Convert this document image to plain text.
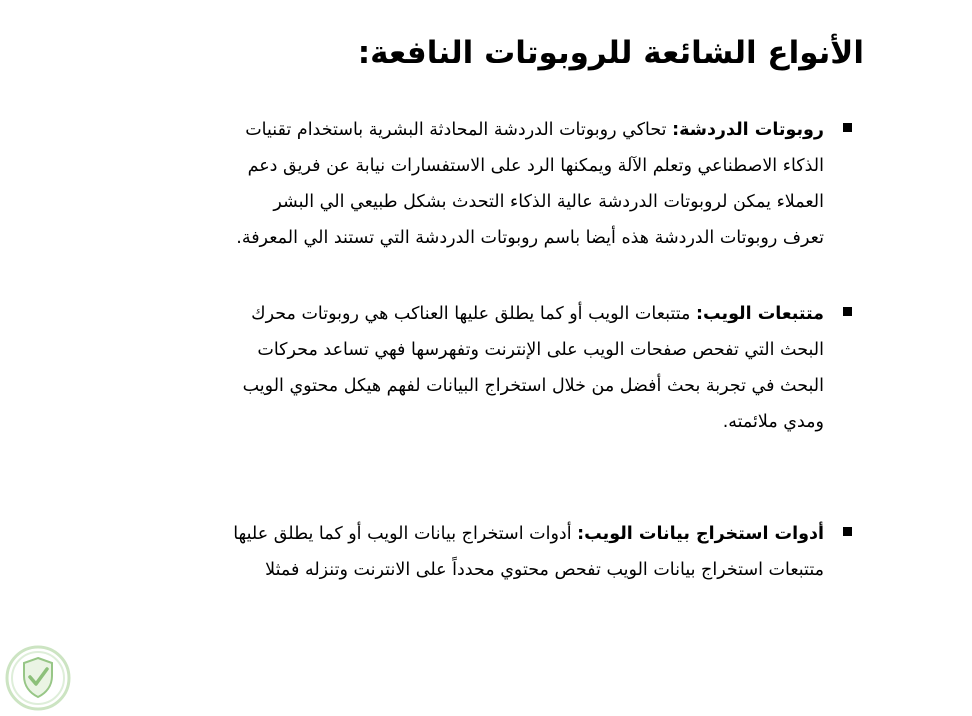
الأنواع الشائعة للروبوتات النافعة:
روبوتات الدردشة: تحاكي روبوتات الدردشة المحادثة البشرية باستخدام تقنيات
الذكاء الاصطناعي وتعلم الآلة ويمكنها الرد على الاستفسارات نيابة عن فريق دعم
العملاء يمكن لروبوتات الدردشة عالية الذكاء التحدث بشكل طبيعي الي البشر
تعرف روبوتات الدردشة هذه أيضا باسم روبوتات الدردشة التي تستند الي المعرفة.
متتبعات الويب: متتبعات الويب أو كما يطلق عليها العناكب هي روبوتات محرك
البحث التي تفحص صفحات الويب على الإنترنت وتفهرسها فهي تساعد محركات
البحث في تجربة بحث أفضل من خلال استخراج البيانات لفهم هيكل محتوي الويب
ومدي ملائمته.
أدوات استخراج بيانات الويب: أدوات استخراج بيانات الويب أو كما يطلق عليها
متتبعات استخراج بيانات الويب تفحص محتوي محدداً على الانترنت وتنزله فمثلا
